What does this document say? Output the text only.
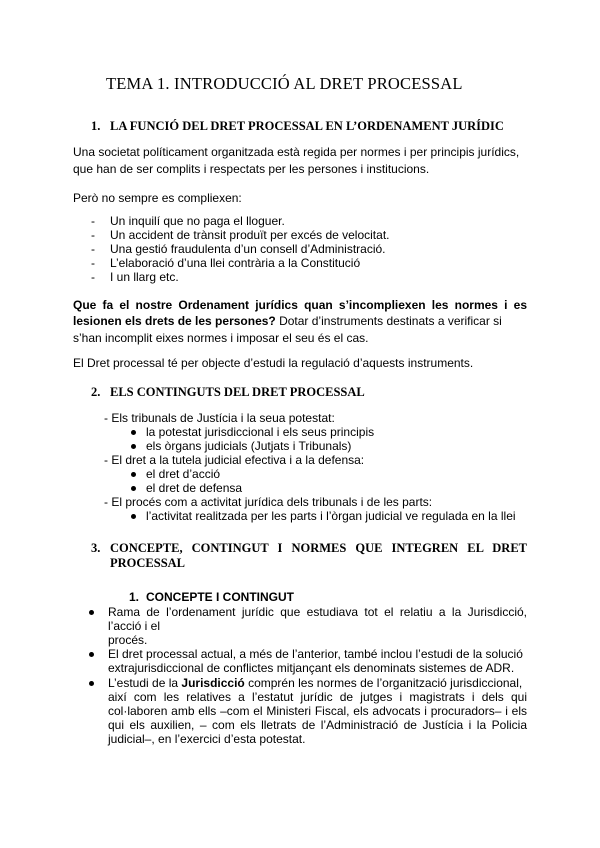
TEMA 1. INTRODUCCIÓ AL DRET PROCESSAL
1. LA FUNCIÓ DEL DRET PROCESSAL EN L’ORDENAMENT JURÍDIC
Una societat políticament organitzada està regida per normes i per principis jurídics,
que han de ser complits i respectats per les persones i institucions.
Però no sempre es compliexen:
- Un inquilí que no paga el lloguer.
- Un accident de trànsit produït per excés de velocitat.
- Una gestió fraudulenta d’un consell d’Administració.
- L’elaboració d’una llei contrària a la Constitució
- I un llarg etc.
Que fa el nostre Ordenament jurídics quan s’incompliexen les normes i es
lesionen els drets de les persones? Dotar d’instruments destinats a verificar si
s’han incomplit eixes normes i imposar el seu és el cas.
El Dret processal té per objecte d’estudi la regulació d’aquests instruments.
2. ELS CONTINGUTS DEL DRET PROCESSAL
- Els tribunals de Justícia i la seua potestat:
la potestat jurisdiccional i els seus principis
els òrgans judicials (Jutjats i Tribunals)
- El dret a la tutela judicial efectiva i a la defensa:
el dret d’acció
el dret de defensa
- El procés com a activitat jurídica dels tribunals i de les parts:
l’activitat realitzada per les parts i l’òrgan judicial ve regulada en la llei
3. CONCEPTE, CONTINGUT I NORMES QUE INTEGREN EL DRET
PROCESSAL
1. CONCEPTE I CONTINGUT
Rama de l’ordenament jurídic que estudiava tot el relatiu a la Jurisdicció,
l’acció i el
procés.
El dret processal actual, a més de l’anterior, també inclou l’estudi de la solució
extrajurisdiccional de conflictes mitjançant els denominats sistemes de ADR.
L’estudi de la Jurisdicció comprén les normes de l’organització jurisdiccional,
així com les relatives a l’estatut jurídic de jutges i magistrats i dels qui
col·laboren amb ells –com el Ministeri Fiscal, els advocats i procuradors– i els
qui els auxilien, – com els lletrats de l’Administració de Justícia i la Policia
judicial–, en l’exercici d’esta potestat.
